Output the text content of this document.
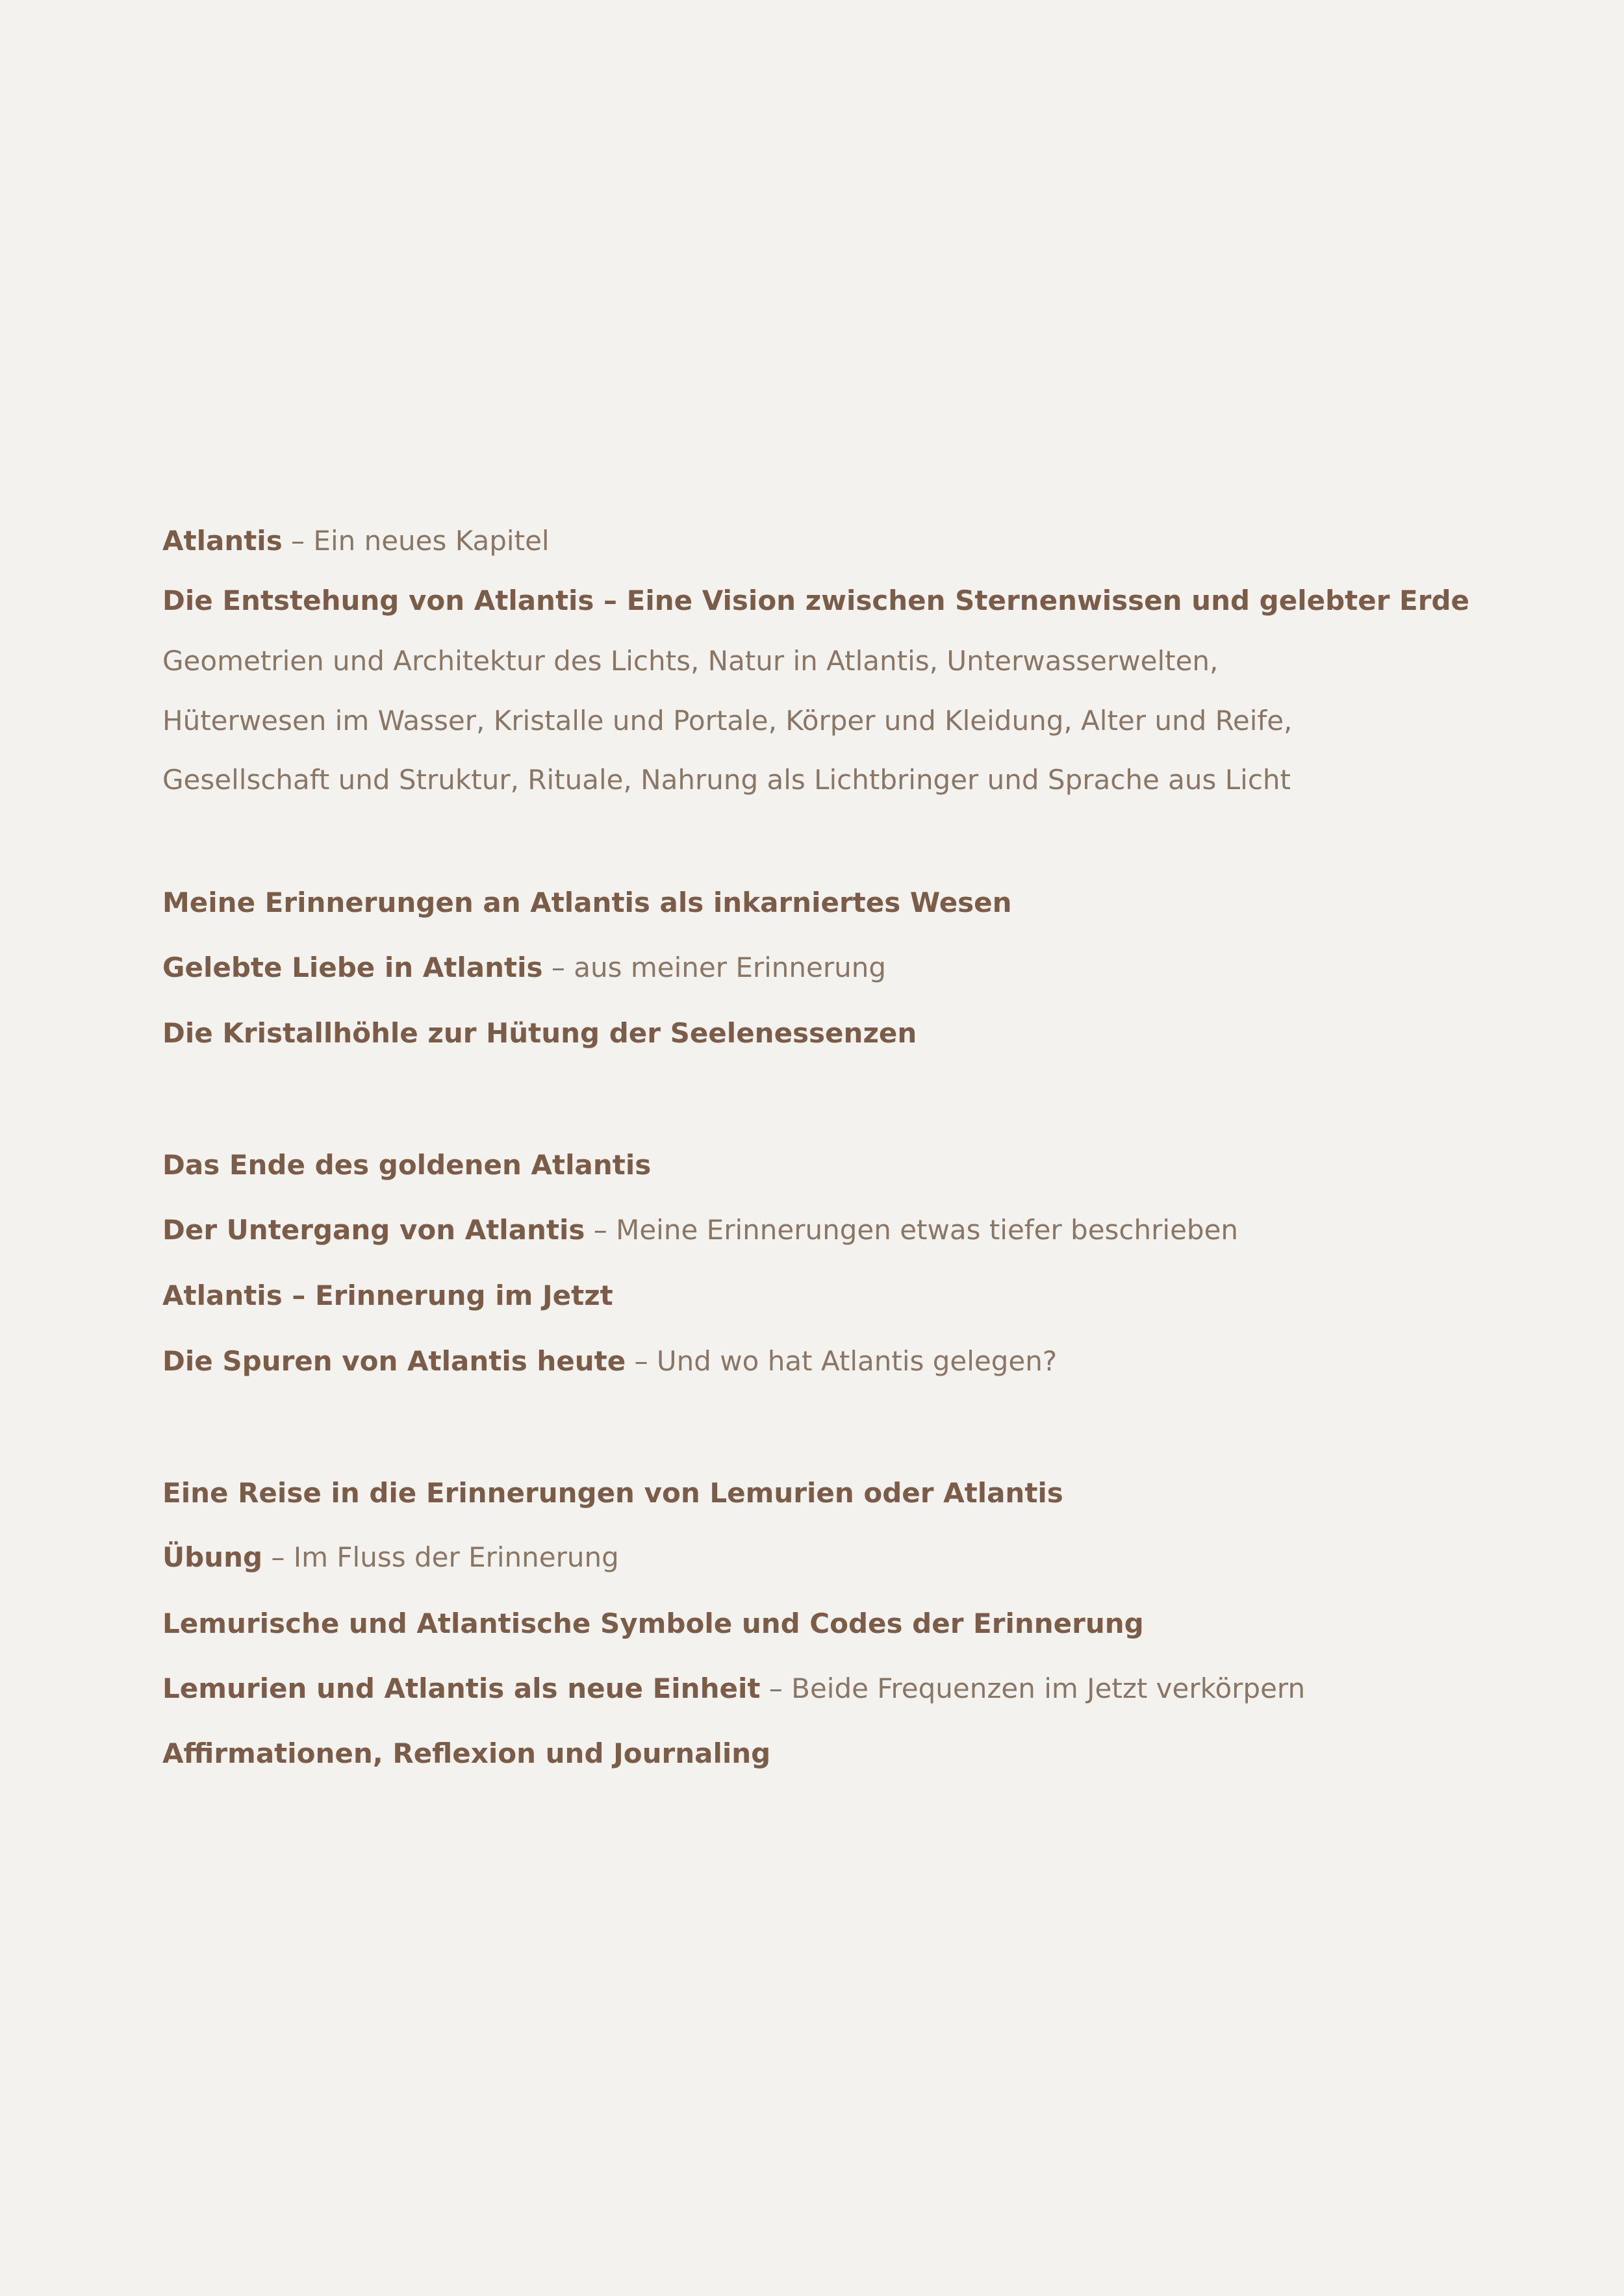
Atlantis – Ein neues Kapitel
Die Entstehung von Atlantis – Eine Vision zwischen Sternenwissen und gelebter Erde
Geometrien und Architektur des Lichts, Natur in Atlantis, Unterwasserwelten,
Hüterwesen im Wasser, Kristalle und Portale, Körper und Kleidung, Alter und Reife,
Gesellschaft und Struktur, Rituale, Nahrung als Lichtbringer und Sprache aus Licht
Meine Erinnerungen an Atlantis als inkarniertes Wesen
Gelebte Liebe in Atlantis – aus meiner Erinnerung
Die Kristallhöhle zur Hütung der Seelenessenzen
Das Ende des goldenen Atlantis
Der Untergang von Atlantis – Meine Erinnerungen etwas tiefer beschrieben
Atlantis – Erinnerung im Jetzt
Die Spuren von Atlantis heute – Und wo hat Atlantis gelegen?
Eine Reise in die Erinnerungen von Lemurien oder Atlantis
Übung – Im Fluss der Erinnerung
Lemurische und Atlantische Symbole und Codes der Erinnerung
Lemurien und Atlantis als neue Einheit – Beide Frequenzen im Jetzt verkörpern
Affirmationen, Reflexion und Journaling
